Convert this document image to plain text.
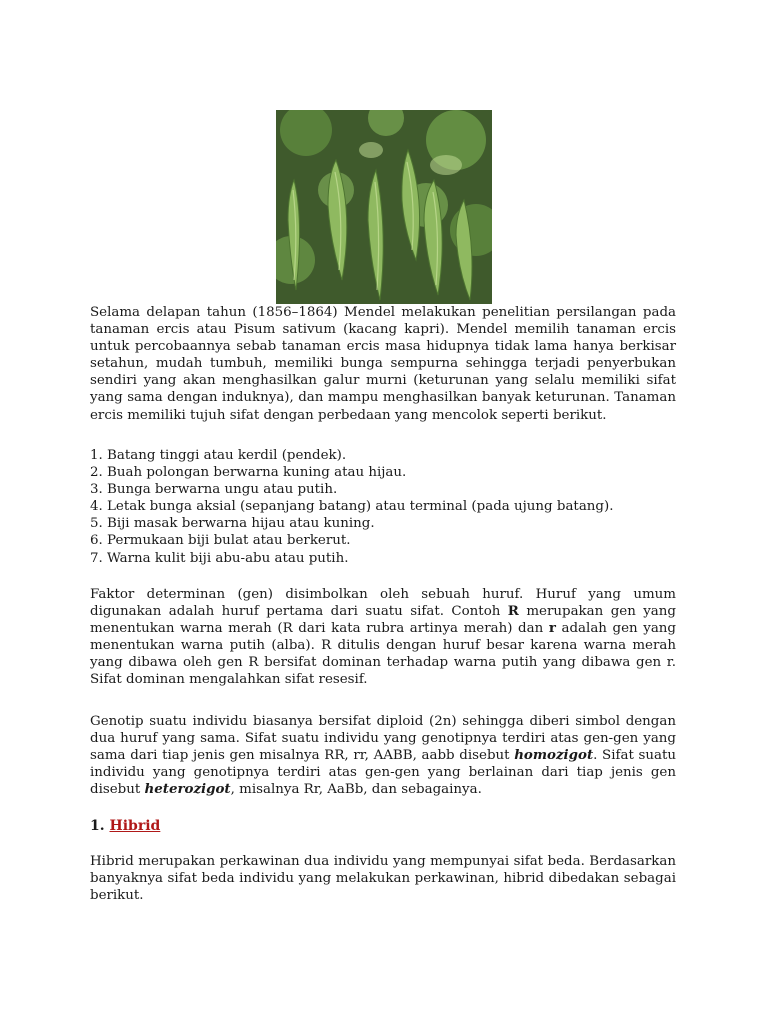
Selama delapan tahun (1856–1864) Mendel melakukan penelitian persilangan pada tanaman ercis atau Pisum sativum (kacang kapri). Mendel memilih tanaman ercis untuk percobaannya sebab tanaman ercis masa hidupnya tidak lama hanya berkisar setahun, mudah tumbuh, memiliki bunga sempurna sehingga terjadi penyerbukan sendiri yang akan menghasilkan galur murni (keturunan yang selalu memiliki sifat yang sama dengan induknya), dan mampu menghasilkan banyak keturunan. Tanaman ercis memiliki tujuh sifat dengan perbedaan yang mencolok seperti berikut.

1. Batang tinggi atau kerdil (pendek).
2. Buah polongan berwarna kuning atau hijau.
3. Bunga berwarna ungu atau putih.
4. Letak bunga aksial (sepanjang batang) atau terminal (pada ujung batang).
5. Biji masak berwarna hijau atau kuning.
6. Permukaan biji bulat atau berkerut.
7. Warna kulit biji abu-abu atau putih.

Faktor determinan (gen) disimbolkan oleh sebuah huruf. Huruf yang umum digunakan adalah huruf pertama dari suatu sifat. Contoh R merupakan gen yang menentukan warna merah (R dari kata rubra artinya merah) dan r adalah gen yang menentukan warna putih (alba). R ditulis dengan huruf besar karena warna merah yang dibawa oleh gen R bersifat dominan terhadap warna putih yang dibawa gen r. Sifat dominan mengalahkan sifat resesif.

Genotip suatu individu biasanya bersifat diploid (2n) sehingga diberi simbol dengan dua huruf yang sama. Sifat suatu individu yang genotipnya terdiri atas gen-gen yang sama dari tiap jenis gen misalnya RR, rr, AABB, aabb disebut homozigot. Sifat suatu individu yang genotipnya terdiri atas gen-gen yang berlainan dari tiap jenis gen disebut heterozigot, misalnya Rr, AaBb, dan sebagainya.

1. Hibrid

Hibrid merupakan perkawinan dua individu yang mempunyai sifat beda. Berdasarkan banyaknya sifat beda individu yang melakukan perkawinan, hibrid dibedakan sebagai berikut.
